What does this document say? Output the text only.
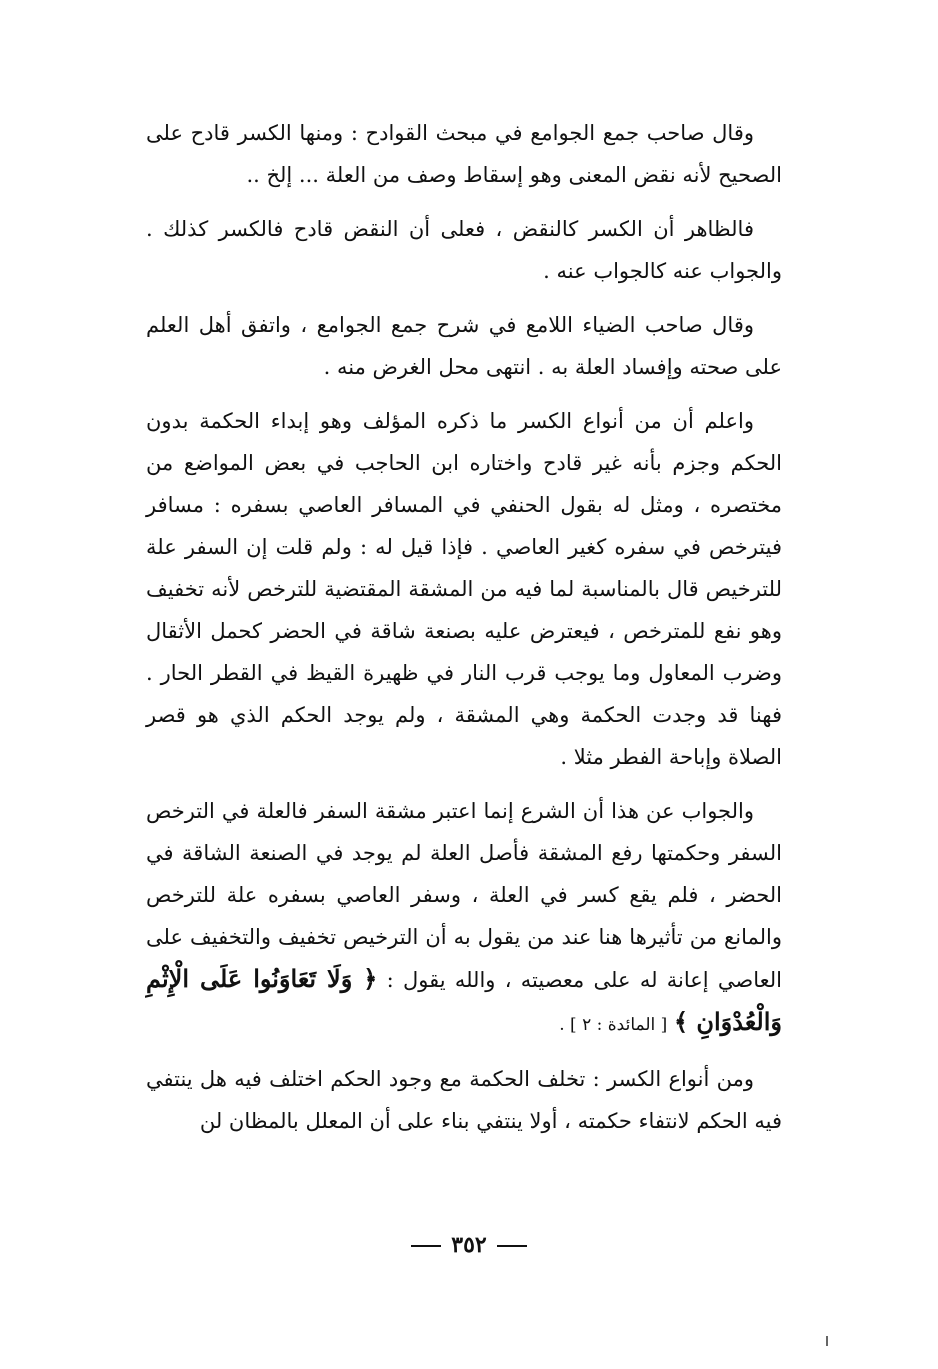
وقال صاحب جمع الجوامع في مبحث القوادح : ومنها الكسر قادح على الصحيح لأنه نقض المعنى وهو إسقاط وصف من العلة ... إلخ ..

فالظاهر أن الكسر كالنقض ، فعلى أن النقض قادح فالكسر كذلك . والجواب عنه كالجواب عنه .

وقال صاحب الضياء اللامع في شرح جمع الجوامع ، واتفق أهل العلم على صحته وإفساد العلة به . انتهى محل الغرض منه .

واعلم أن من أنواع الكسر ما ذكره المؤلف وهو إبداء الحكمة بدون الحكم وجزم بأنه غير قادح واختاره ابن الحاجب في بعض المواضع من مختصره ، ومثل له بقول الحنفي في المسافر العاصي بسفره : مسافر فيترخص في سفره كغير العاصي . فإذا قيل له : ولم قلت إن السفر علة للترخيص قال بالمناسبة لما فيه من المشقة المقتضية للترخص لأنه تخفيف وهو نفع للمترخص ، فيعترض عليه بصنعة شاقة في الحضر كحمل الأثقال وضرب المعاول وما يوجب قرب النار في ظهيرة القيظ في القطر الحار . فهنا قد وجدت الحكمة وهي المشقة ، ولم يوجد الحكم الذي هو قصر الصلاة وإباحة الفطر مثلا .

والجواب عن هذا أن الشرع إنما اعتبر مشقة السفر فالعلة في الترخص السفر وحكمتها رفع المشقة فأصل العلة لم يوجد في الصنعة الشاقة في الحضر ، فلم يقع كسر في العلة ، وسفر العاصي بسفره علة للترخص والمانع من تأثيرها هنا عند من يقول به أن الترخيص تخفيف والتخفيف على العاصي إعانة له على معصيته ، والله يقول : ﴿ وَلَا تَعَاوَنُوا عَلَى الْإِثْمِ وَالْعُدْوَانِ ﴾ [ المائدة : ٢ ] .

ومن أنواع الكسر : تخلف الحكمة مع وجود الحكم اختلف فيه هل ينتفي فيه الحكم لانتفاء حكمته ، أولا ينتفي بناء على أن المعلل بالمظان لن

٣٥٢
